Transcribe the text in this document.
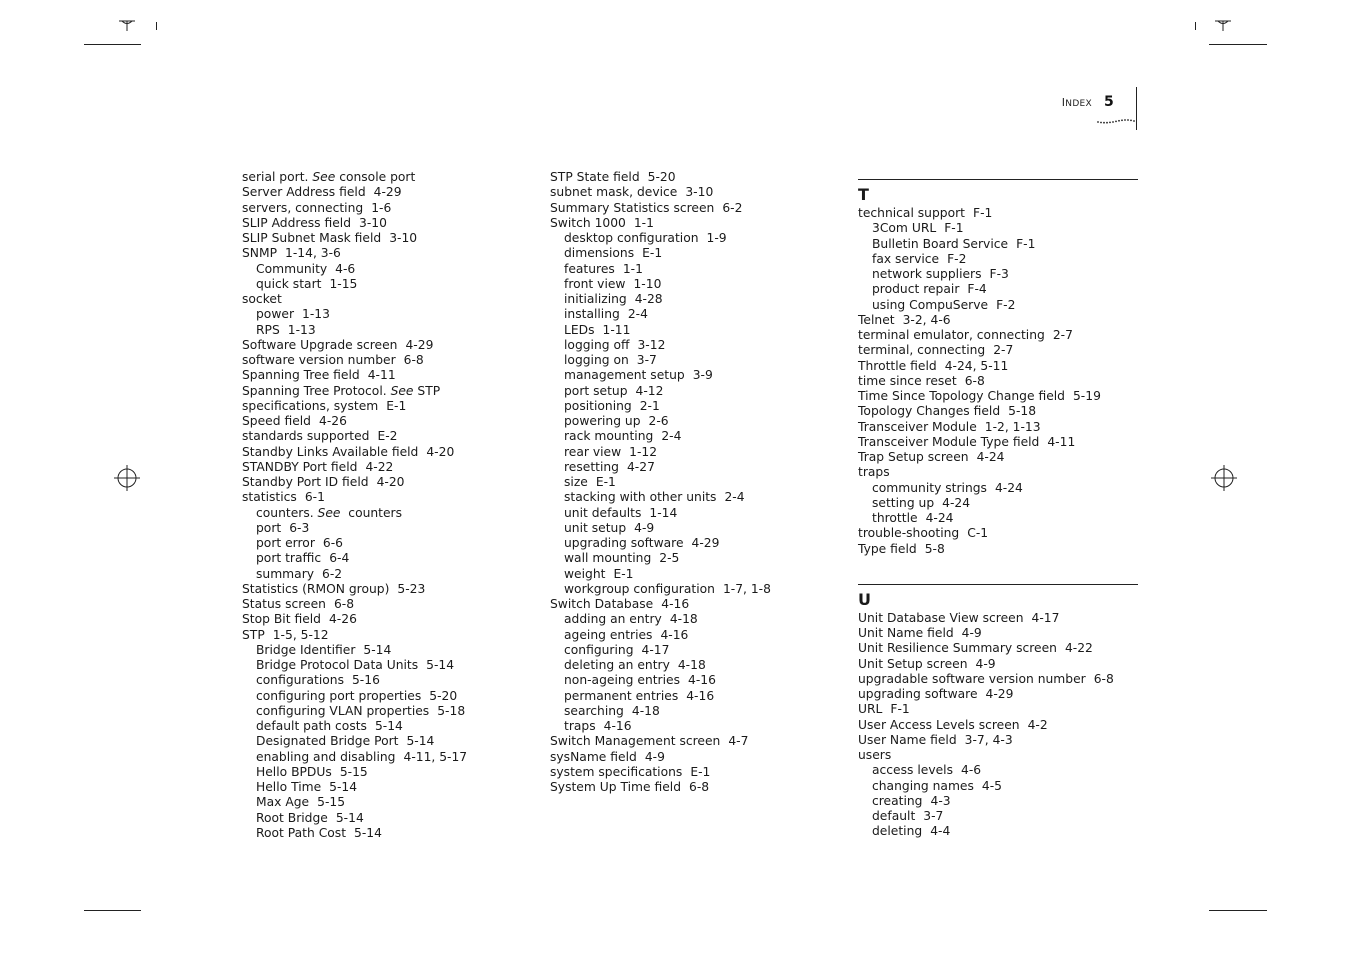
INDEX 5
serial port. See console port
Server Address field 4-29
servers, connecting 1-6
SLIP Address field 3-10
SLIP Subnet Mask field 3-10
SNMP 1-14, 3-6
Community 4-6
quick start 1-15
socket
power 1-13
RPS 1-13
Software Upgrade screen 4-29
software version number 6-8
Spanning Tree field 4-11
Spanning Tree Protocol. See STP
specifications, system E-1
Speed field 4-26
standards supported E-2
Standby Links Available field 4-20
STANDBY Port field 4-22
Standby Port ID field 4-20
statistics 6-1
counters. See  counters
port 6-3
port error 6-6
port traffic 6-4
summary 6-2
Statistics (RMON group) 5-23
Status screen 6-8
Stop Bit field 4-26
STP 1-5, 5-12
Bridge Identifier 5-14
Bridge Protocol Data Units 5-14
configurations 5-16
configuring port properties 5-20
configuring VLAN properties 5-18
default path costs 5-14
Designated Bridge Port 5-14
enabling and disabling 4-11, 5-17
Hello BPDUs 5-15
Hello Time 5-14
Max Age 5-15
Root Bridge 5-14
Root Path Cost 5-14
STP State field 5-20
subnet mask, device 3-10
Summary Statistics screen 6-2
Switch 1000 1-1
desktop configuration 1-9
dimensions E-1
features 1-1
front view 1-10
initializing 4-28
installing 2-4
LEDs 1-11
logging off 3-12
logging on 3-7
management setup 3-9
port setup 4-12
positioning 2-1
powering up 2-6
rack mounting 2-4
rear view 1-12
resetting 4-27
size E-1
stacking with other units 2-4
unit defaults 1-14
unit setup 4-9
upgrading software 4-29
wall mounting 2-5
weight E-1
workgroup configuration 1-7, 1-8
Switch Database 4-16
adding an entry 4-18
ageing entries 4-16
configuring 4-17
deleting an entry 4-18
non-ageing entries 4-16
permanent entries 4-16
searching 4-18
traps 4-16
Switch Management screen 4-7
sysName field 4-9
system specifications E-1
System Up Time field 6-8
T
technical support F-1
3Com URL F-1
Bulletin Board Service F-1
fax service F-2
network suppliers F-3
product repair F-4
using CompuServe F-2
Telnet 3-2, 4-6
terminal emulator, connecting 2-7
terminal, connecting 2-7
Throttle field 4-24, 5-11
time since reset 6-8
Time Since Topology Change field 5-19
Topology Changes field 5-18
Transceiver Module 1-2, 1-13
Transceiver Module Type field 4-11
Trap Setup screen 4-24
traps
community strings 4-24
setting up 4-24
throttle 4-24
trouble-shooting C-1
Type field 5-8
U
Unit Database View screen 4-17
Unit Name field 4-9
Unit Resilience Summary screen 4-22
Unit Setup screen 4-9
upgradable software version number 6-8
upgrading software 4-29
URL F-1
User Access Levels screen 4-2
User Name field 3-7, 4-3
users
access levels 4-6
changing names 4-5
creating 4-3
default 3-7
deleting 4-4
